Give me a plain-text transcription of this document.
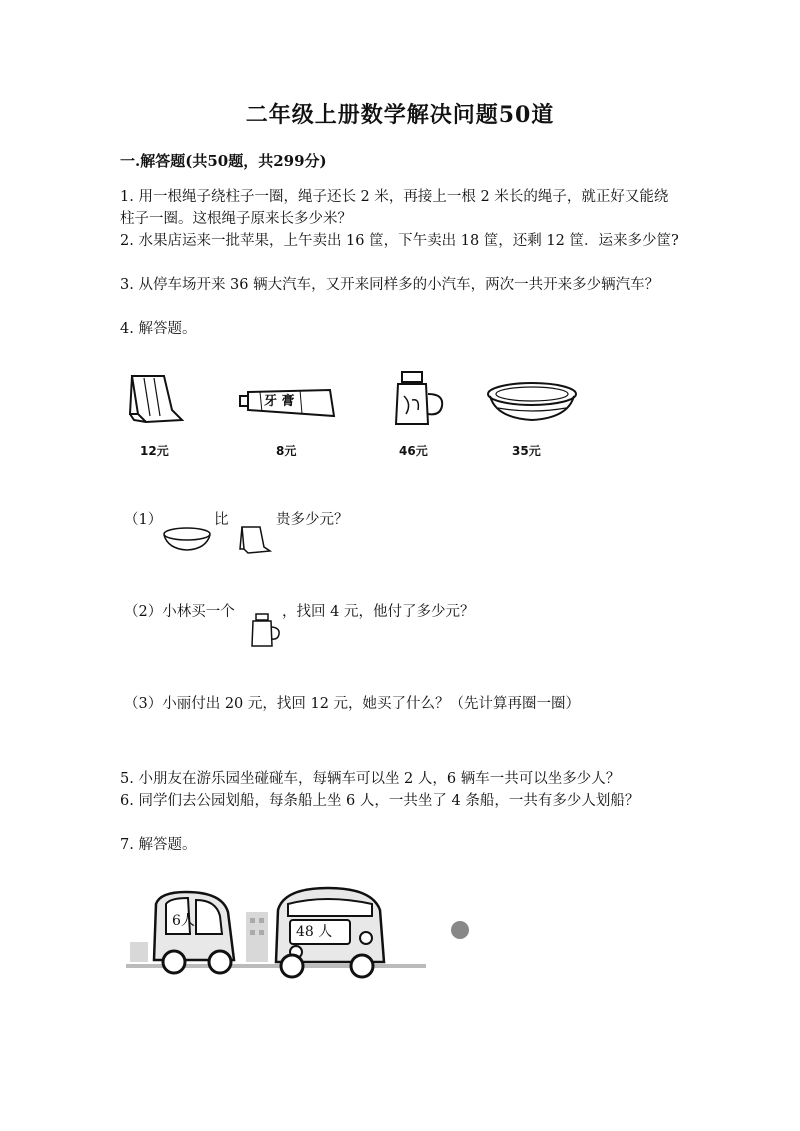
二年级上册数学解决问题50道
一.解答题(共50题，共299分)
1. 用一根绳子绕柱子一圈，绳子还长 2 米，再接上一根 2 米长的绳子，就正好又能绕柱子一圈。这根绳子原来长多少米？
2. 水果店运来一批苹果，上午卖出 16 筐，下午卖出 18 筐，还剩 12 筐．运来多少筐?
3. 从停车场开来 36 辆大汽车，又开来同样多的小汽车，两次一共开来多少辆汽车？
4. 解答题。
12元
牙 膏
8元	46元	35元
（1）	比	贵多少元？
（2）小林买一个	，找回 4 元，他付了多少元？
（3）小丽付出 20 元，找回 12 元，她买了什么？（先计算再圈一圈）
5. 小朋友在游乐园坐碰碰车，每辆车可以坐 2 人，6 辆车一共可以坐多少人？
6. 同学们去公园划船，每条船上坐 6 人，一共坐了 4 条船，一共有多少人划船？
7. 解答题。
6人
48 人
